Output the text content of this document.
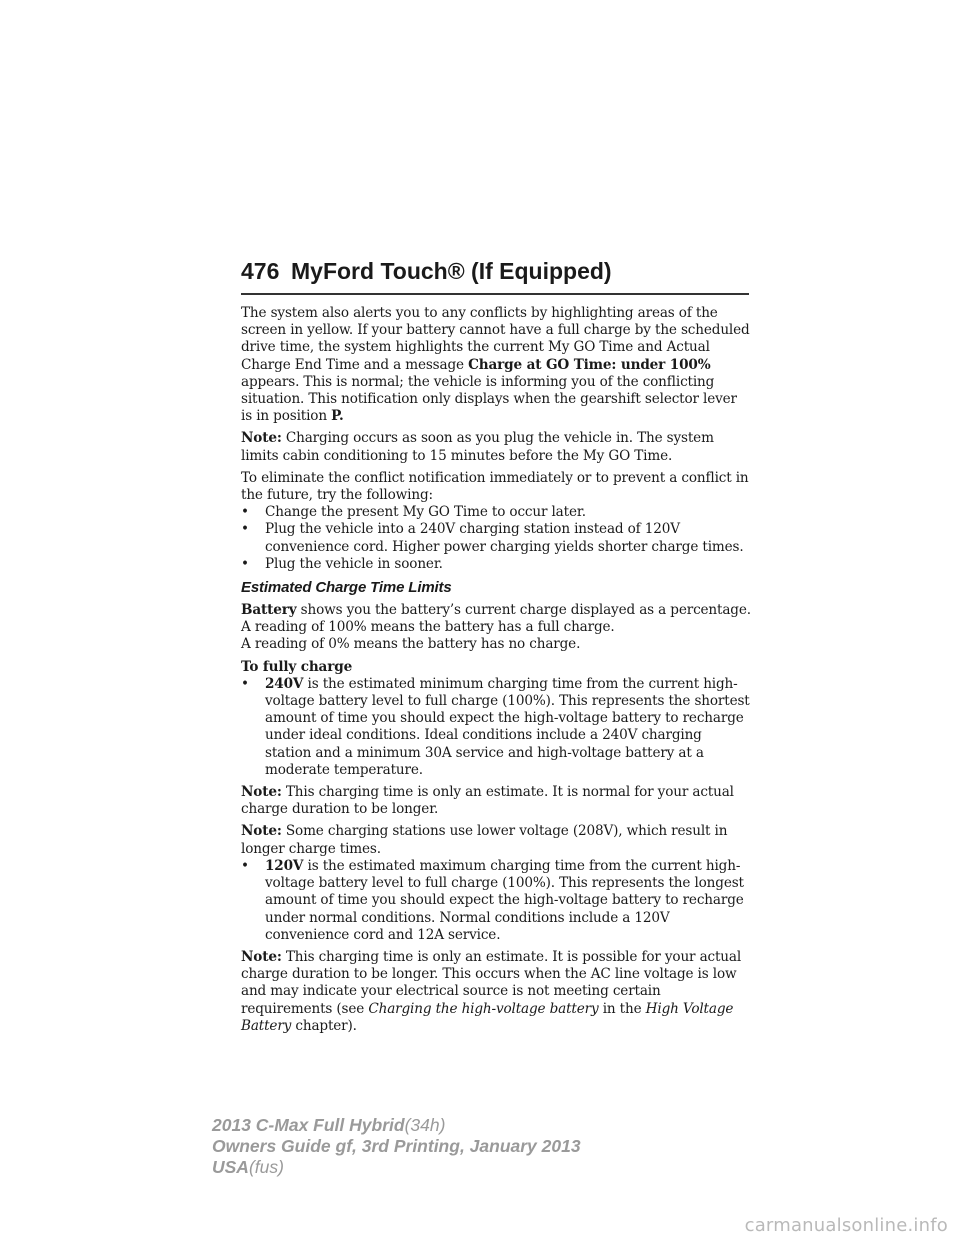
476 MyFord Touch® (If Equipped)

The system also alerts you to any conflicts by highlighting areas of the screen in yellow. If your battery cannot have a full charge by the scheduled drive time, the system highlights the current My GO Time and Actual Charge End Time and a message Charge at GO Time: under 100% appears. This is normal; the vehicle is informing you of the conflicting situation. This notification only displays when the gearshift selector lever is in position P.

Note: Charging occurs as soon as you plug the vehicle in. The system limits cabin conditioning to 15 minutes before the My GO Time.

To eliminate the conflict notification immediately or to prevent a conflict in the future, try the following:

• Change the present My GO Time to occur later.
• Plug the vehicle into a 240V charging station instead of 120V convenience cord. Higher power charging yields shorter charge times.
• Plug the vehicle in sooner.
Estimated Charge Time Limits

Battery shows you the battery’s current charge displayed as a percentage. A reading of 100% means the battery has a full charge.
A reading of 0% means the battery has no charge.

To fully charge

• 240V is the estimated minimum charging time from the current high-voltage battery level to full charge (100%). This represents the shortest amount of time you should expect the high-voltage battery to recharge under ideal conditions. Ideal conditions include a 240V charging station and a minimum 30A service and high-voltage battery at a moderate temperature.

Note: This charging time is only an estimate. It is normal for your actual charge duration to be longer.

Note: Some charging stations use lower voltage (208V), which result in longer charge times.

• 120V is the estimated maximum charging time from the current high-voltage battery level to full charge (100%). This represents the longest amount of time you should expect the high-voltage battery to recharge under normal conditions. Normal conditions include a 120V convenience cord and 12A service.

Note: This charging time is only an estimate. It is possible for your actual charge duration to be longer. This occurs when the AC line voltage is low and may indicate your electrical source is not meeting certain requirements (see Charging the high-voltage battery in the High Voltage Battery chapter).

2013 C-Max Full Hybrid(34h)
Owners Guide gf, 3rd Printing, January 2013
USA(fus)
carmanualsonline.info
